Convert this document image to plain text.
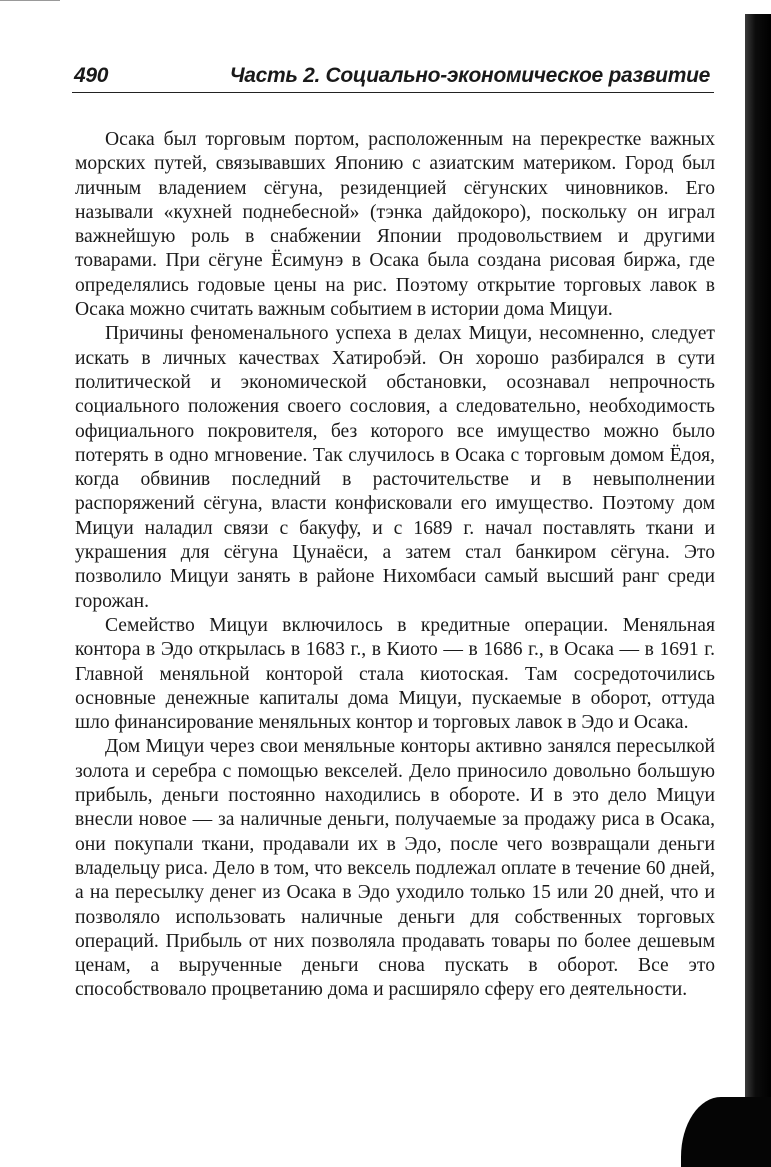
490	Часть 2. Социально-экономическое развитие

Осака был торговым портом, расположенным на перекрестке важных морских путей, связывавших Японию с азиатским материком. Город был личным владением сёгуна, резиденцией сёгунских чиновников. Его называли «кухней поднебесной» (тэнка дайдокоро), поскольку он играл важнейшую роль в снабжении Японии продовольствием и другими товарами. При сёгуне Ёсимунэ в Осака была создана рисовая биржа, где определялись годовые цены на рис. Поэтому открытие торговых лавок в Осака можно считать важным событием в истории дома Мицуи.

Причины феноменального успеха в делах Мицуи, несомненно, следует искать в личных качествах Хатиробэй. Он хорошо разбирался в сути политической и экономической обстановки, осознавал непрочность социального положения своего сословия, а следовательно, необходимость официального покровителя, без которого все имущество можно было потерять в одно мгновение. Так случилось в Осака с торговым домом Ёдоя, когда обвинив последний в расточительстве и в невыполнении распоряжений сёгуна, власти конфисковали его имущество. Поэтому дом Мицуи наладил связи с бакуфу, и с 1689 г. начал поставлять ткани и украшения для сёгуна Цунаёси, а затем стал банкиром сёгуна. Это позволило Мицуи занять в районе Нихомбаси самый высший ранг среди горожан.

Семейство Мицуи включилось в кредитные операции. Меняльная контора в Эдо открылась в 1683 г., в Киото — в 1686 г., в Осака — в 1691 г. Главной меняльной конторой стала киотоская. Там сосредоточились основные денежные капиталы дома Мицуи, пускаемые в оборот, оттуда шло финансирование меняльных контор и торговых лавок в Эдо и Осака.

Дом Мицуи через свои меняльные конторы активно занялся пересылкой золота и серебра с помощью векселей. Дело приносило довольно большую прибыль, деньги постоянно находились в обороте. И в это дело Мицуи внесли новое — за наличные деньги, получаемые за продажу риса в Осака, они покупали ткани, продавали их в Эдо, после чего возвращали деньги владельцу риса. Дело в том, что вексель подлежал оплате в течение 60 дней, а на пересылку денег из Осака в Эдо уходило только 15 или 20 дней, что и позволяло использовать наличные деньги для собственных торговых операций. Прибыль от них позволяла продавать товары по более дешевым ценам, а вырученные деньги снова пускать в оборот. Все это способствовало процветанию дома и расширяло сферу его деятельности.
